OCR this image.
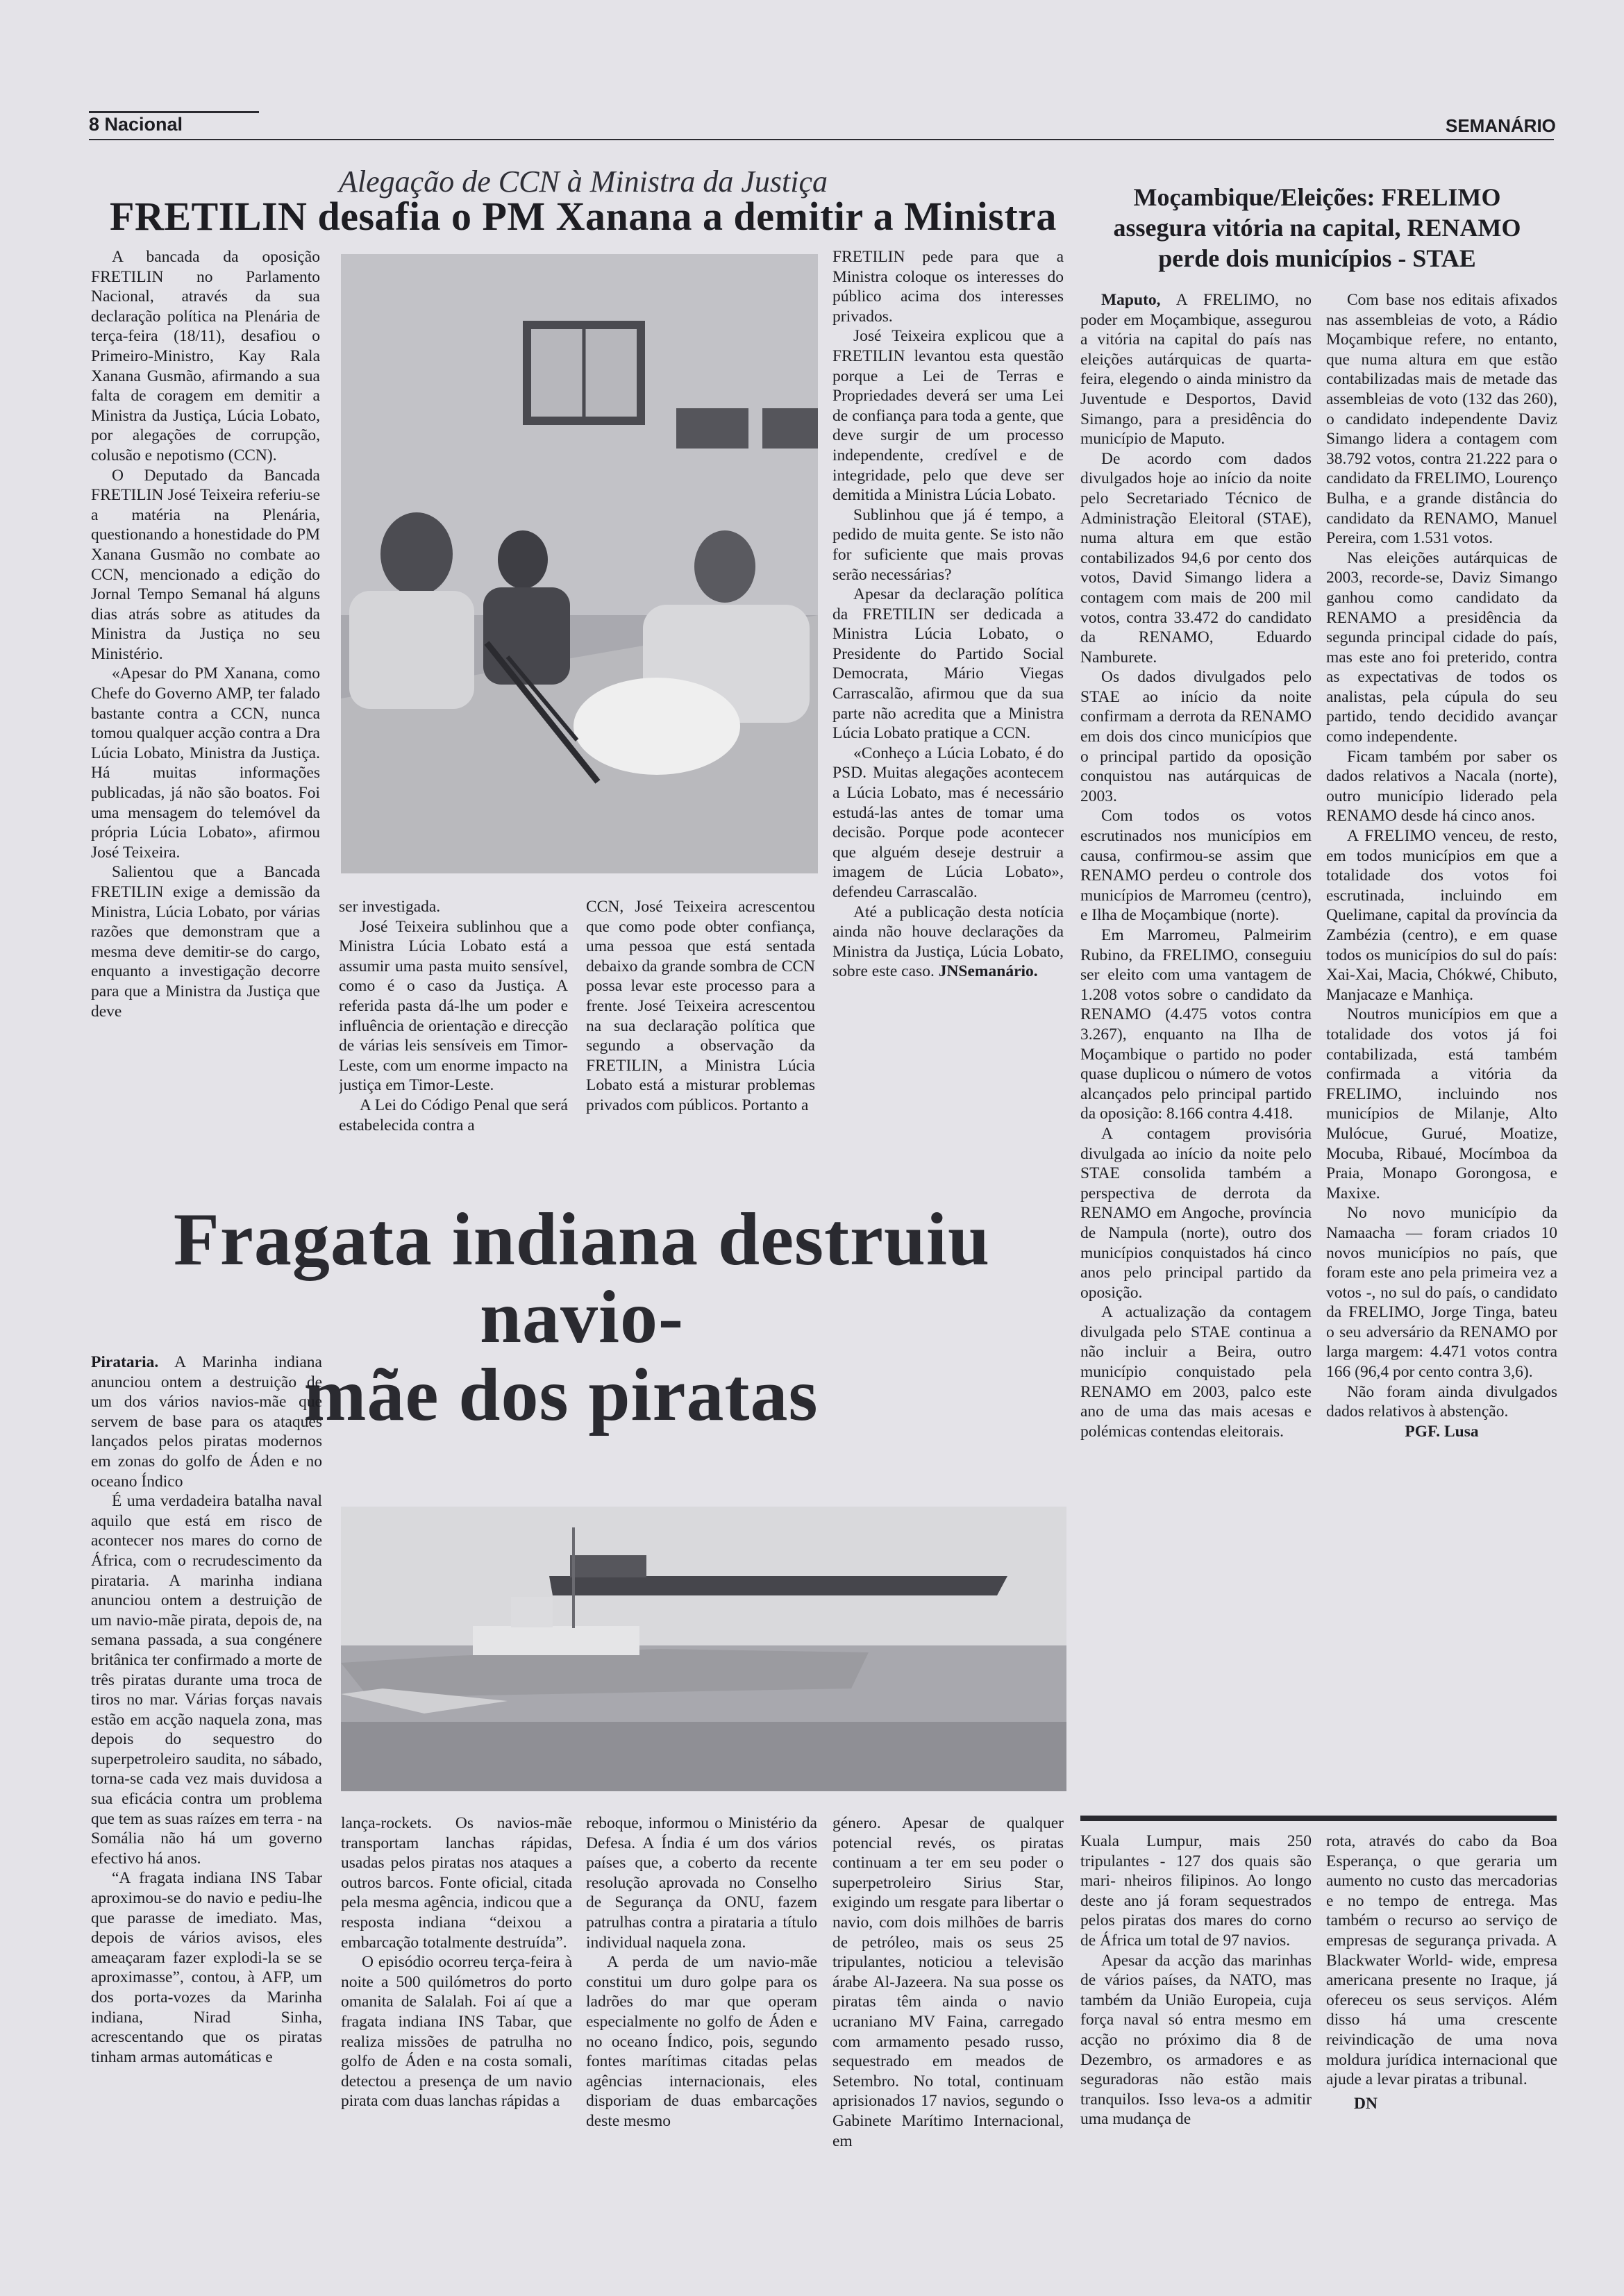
8 Nacional	SEMANÁRIO
Alegação de CCN à Ministra da Justiça
FRETILIN desafia o PM Xanana a demitir a Ministra

A bancada da oposição FRETILIN no Parlamento Nacional, através da sua declaração política na Plenária de terça-feira (18/11), desafiou o Primeiro-Ministro, Kay Rala Xanana Gusmão, afirmando a sua falta de coragem em demitir a Ministra da Justiça, Lúcia Lobato, por alegações de corrupção, colusão e nepotismo (CCN).

O Deputado da Bancada FRETILIN José Teixeira referiu-se a matéria na Plenária, questionando a honestidade do PM Xanana Gusmão no combate ao CCN, mencionado a edição do Jornal Tempo Semanal há alguns dias atrás sobre as atitudes da Ministra da Justiça no seu Ministério.

«Apesar do PM Xanana, como Chefe do Governo AMP, ter falado bastante contra a CCN, nunca tomou qualquer acção contra a Dra Lúcia Lobato, Ministra da Justiça. Há muitas informações publicadas, já não são boatos. Foi uma mensagem do telemóvel da própria Lúcia Lobato», afirmou José Teixeira.

Salientou que a Bancada FRETILIN exige a demissão da Ministra, Lúcia Lobato, por várias razões que demonstram que a mesma deve demitir-se do cargo, enquanto a investigação decorre para que a Ministra da Justiça que deve

ser investigada.

José Teixeira sublinhou que a Ministra Lúcia Lobato está a assumir uma pasta muito sensível, como é o caso da Justiça. A referida pasta dá-lhe um poder e influência de orientação e direcção de várias leis sensíveis em Timor-Leste, com um enorme impacto na justiça em Timor-Leste.

A Lei do Código Penal que será estabelecida contra a

CCN, José Teixeira acrescentou que como pode obter confiança, uma pessoa que está sentada debaixo da grande sombra de CCN possa levar este processo para a frente. José Teixeira acrescentou na sua declaração política que segundo a observação da FRETILIN, a Ministra Lúcia Lobato está a misturar problemas privados com públicos. Portanto a

FRETILIN pede para que a Ministra coloque os interesses do público acima dos interesses privados.

José Teixeira explicou que a FRETILIN levantou esta questão porque a Lei de Terras e Propriedades deverá ser uma Lei de confiança para toda a gente, que deve surgir de um processo independente, credível e de integridade, pelo que deve ser demitida a Ministra Lúcia Lobato.

Sublinhou que já é tempo, a pedido de muita gente. Se isto não for suficiente que mais provas serão necessárias?

Apesar da declaração política da FRETILIN ser dedicada a Ministra Lúcia Lobato, o Presidente do Partido Social Democrata, Mário Viegas Carrascalão, afirmou que da sua parte não acredita que a Ministra Lúcia Lobato pratique a CCN.

«Conheço a Lúcia Lobato, é do PSD. Muitas alegações acontecem a Lúcia Lobato, mas é necessário estudá-las antes de tomar uma decisão. Porque pode acontecer que alguém deseje destruir a imagem de Lúcia Lobato», defendeu Carrascalão.

Até a publicação desta notícia ainda não houve declarações da Ministra da Justiça, Lúcia Lobato, sobre este caso. JNSemanário.

Moçambique/Eleições: FRELIMO
assegura vitória na capital, RENAMO
perde dois municípios - STAE

Maputo, A FRELIMO, no poder em Moçambique, assegurou a vitória na capital do país nas eleições autárquicas de quarta-feira, elegendo o ainda ministro da Juventude e Desportos, David Simango, para a presidência do município de Maputo.

De acordo com dados divulgados hoje ao início da noite pelo Secretariado Técnico de Administração Eleitoral (STAE), numa altura em que estão contabilizados 94,6 por cento dos votos, David Simango lidera a contagem com mais de 200 mil votos, contra 33.472 do candidato da RENAMO, Eduardo Namburete.

Os dados divulgados pelo STAE ao início da noite confirmam a derrota da RENAMO em dois dos cinco municípios que o principal partido da oposição conquistou nas autárquicas de 2003.

Com todos os votos escrutinados nos municípios em causa, confirmou-se assim que RENAMO perdeu o controle dos municípios de Marromeu (centro), e Ilha de Moçambique (norte).

Em Marromeu, Palmeirim Rubino, da FRELIMO, conseguiu ser eleito com uma vantagem de 1.208 votos sobre o candidato da RENAMO (4.475 votos contra 3.267), enquanto na Ilha de Moçambique o partido no poder quase duplicou o número de votos alcançados pelo principal partido da oposição: 8.166 contra 4.418.

A contagem provisória divulgada ao início da noite pelo STAE consolida também a perspectiva de derrota da RENAMO em Angoche, província de Nampula (norte), outro dos municípios conquistados há cinco anos pelo principal partido da oposição.

A actualização da contagem divulgada pelo STAE continua a não incluir a Beira, outro município conquistado pela RENAMO em 2003, palco este ano de uma das mais acesas e polémicas contendas eleitorais.

Com base nos editais afixados nas assembleias de voto, a Rádio Moçambique refere, no entanto, que numa altura em que estão contabilizadas mais de metade das assembleias de voto (132 das 260), o candidato independente Daviz Simango lidera a contagem com 38.792 votos, contra 21.222 para o candidato da FRELIMO, Lourenço Bulha, e a grande distância do candidato da RENAMO, Manuel Pereira, com 1.531 votos.

Nas eleições autárquicas de 2003, recorde-se, Daviz Simango ganhou como candidato da RENAMO a presidência da segunda principal cidade do país, mas este ano foi preterido, contra as expectativas de todos os analistas, pela cúpula do seu partido, tendo decidido avançar como independente.

Ficam também por saber os dados relativos a Nacala (norte), outro município liderado pela RENAMO desde há cinco anos.

A FRELIMO venceu, de resto, em todos municípios em que a totalidade dos votos foi escrutinada, incluindo em Quelimane, capital da província da Zambézia (centro), e em quase todos os municípios do sul do país: Xai-Xai, Macia, Chókwé, Chibuto, Manjacaze e Manhiça.

Noutros municípios em que a totalidade dos votos já foi contabilizada, está também confirmada a vitória da FRELIMO, incluindo nos municípios de Milanje, Alto Mulócue, Gurué, Moatize, Mocuba, Ribaué, Mocímboa da Praia, Monapo Gorongosa, e Maxixe.

No novo município da Namaacha — foram criados 10 novos municípios no país, que foram este ano pela primeira vez a votos -, no sul do país, o candidato da FRELIMO, Jorge Tinga, bateu o seu adversário da RENAMO por larga margem: 4.471 votos contra 166 (96,4 por cento contra 3,6).

Não foram ainda divulgados dados relativos à abstenção.

PGF. Lusa

Fragata indiana destruiu navio-
mãe dos piratas

Pirataria. A Marinha indiana anunciou ontem a destruição de um dos vários navios-mãe que servem de base para os ataques lançados pelos piratas modernos em zonas do golfo de Áden e no oceano Índico

É uma verdadeira batalha naval aquilo que está em risco de acontecer nos mares do corno de África, com o recrudescimento da pirataria. A marinha indiana anunciou ontem a destruição de um navio-mãe pirata, depois de, na semana passada, a sua congénere britânica ter confirmado a morte de três piratas durante uma troca de tiros no mar. Várias forças navais estão em acção naquela zona, mas depois do sequestro do superpetroleiro saudita, no sábado, torna-se cada vez mais duvidosa a sua eficácia contra um problema que tem as suas raízes em terra - na Somália não há um governo efectivo há anos.

“A fragata indiana INS Tabar aproximou-se do navio e pediu-lhe que parasse de imediato. Mas, depois de vários avisos, eles ameaçaram fazer explodi-la se se aproximasse”, contou, à AFP, um dos porta-vozes da Marinha indiana, Nirad Sinha, acrescentando que os piratas tinham armas automáticas e

lança-rockets. Os navios-mãe transportam lanchas rápidas, usadas pelos piratas nos ataques a outros barcos. Fonte oficial, citada pela mesma agência, indicou que a resposta indiana “deixou a embarcação totalmente destruída”.

O episódio ocorreu terça-feira à noite a 500 quilómetros do porto omanita de Salalah. Foi aí que a fragata indiana INS Tabar, que realiza missões de patrulha no golfo de Áden e na costa somali, detectou a presença de um navio pirata com duas lanchas rápidas a

reboque, informou o Ministério da Defesa. A Índia é um dos vários países que, a coberto da recente resolução aprovada no Conselho de Segurança da ONU, fazem patrulhas contra a pirataria a título individual naquela zona.

A perda de um navio-mãe constitui um duro golpe para os ladrões do mar que operam especialmente no golfo de Áden e no oceano Índico, pois, segundo fontes marítimas citadas pelas agências internacionais, eles disporiam de duas embarcações deste mesmo

género. Apesar de qualquer potencial revés, os piratas continuam a ter em seu poder o superpetroleiro Sirius Star, exigindo um resgate para libertar o navio, com dois milhões de barris de petróleo, mais os seus 25 tripulantes, noticiou a televisão árabe Al-Jazeera. Na sua posse os piratas têm ainda o navio ucraniano MV Faina, carregado com armamento pesado russo, sequestrado em meados de Setembro. No total, continuam aprisionados 17 navios, segundo o Gabinete Marítimo Internacional, em

Kuala Lumpur, mais 250 tripulantes - 127 dos quais são mari- nheiros filipinos. Ao longo deste ano já foram sequestrados pelos piratas dos mares do corno de África um total de 97 navios.

Apesar da acção das marinhas de vários países, da NATO, mas também da União Europeia, cuja força naval só entra mesmo em acção no próximo dia 8 de Dezembro, os armadores e as seguradoras não estão mais tranquilos. Isso leva-os a admitir uma mudança de

rota, através do cabo da Boa Esperança, o que geraria um aumento no custo das mercadorias e no tempo de entrega. Mas também o recurso ao serviço de empresas de segurança privada. A Blackwater World- wide, empresa americana presente no Iraque, já ofereceu os seus serviços. Além disso há uma crescente reivindicação de uma nova moldura jurídica internacional que ajude a levar piratas a tribunal.

DN
